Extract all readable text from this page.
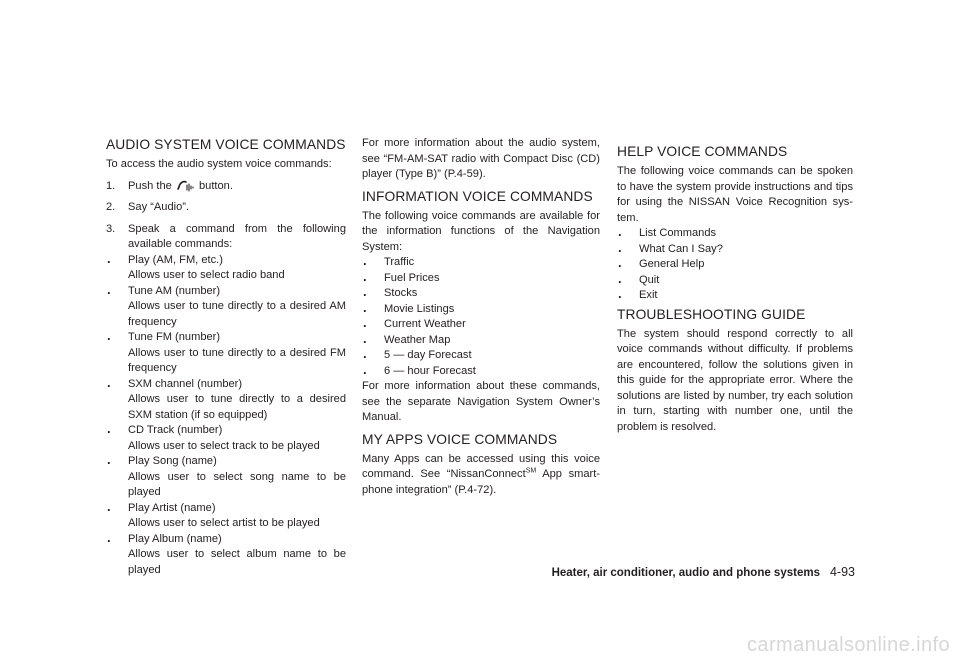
AUDIO SYSTEM VOICE COMMANDS

To access the audio system voice commands:

1.	Push the button.
2.	Say “Audio”.
3.	Speak a command from the following available commands:
. Play (AM, FM, etc.)

Allows user to select radio band

. Tune AM (number)

Allows user to tune directly to a desired AM frequency

. Tune FM (number)

Allows user to tune directly to a desired FM frequency

. SXM channel (number)

Allows user to tune directly to a desired SXM station (if so equipped)

. CD Track (number)

Allows user to select track to be played

. Play Song (name)

Allows user to select song name to be played

. Play Artist (name)

Allows user to select artist to be played

. Play Album (name)

Allows user to select album name to be played

For more information about the audio system, see “FM-AM-SAT radio with Compact Disc (CD) player (Type B)” (P.4-59).

INFORMATION VOICE COMMANDS

The following voice commands are available for the information functions of the Navigation System:

. Traffic
. Fuel Prices
. Stocks
. Movie Listings
. Current Weather
. Weather Map
. 5 — day Forecast
. 6 — hour Forecast

For more information about these commands, see the separate Navigation System Owner’s Manual.

MY APPS VOICE COMMANDS

Many Apps can be accessed using this voice command. See “NissanConnect℠ App smart-phone integration” (P.4-72).

HELP VOICE COMMANDS

The following voice commands can be spoken to have the system provide instructions and tips for using the NISSAN Voice Recognition sys-tem.

. List Commands
. What Can I Say?
. General Help
. Quit
. Exit
TROUBLESHOOTING GUIDE

The system should respond correctly to all voice commands without difficulty. If problems are encountered, follow the solutions given in this guide for the appropriate error. Where the solutions are listed by number, try each solution in turn, starting with number one, until the problem is resolved.

Heater, air conditioner, audio and phone systems 4-93
carmanualsonline.info
